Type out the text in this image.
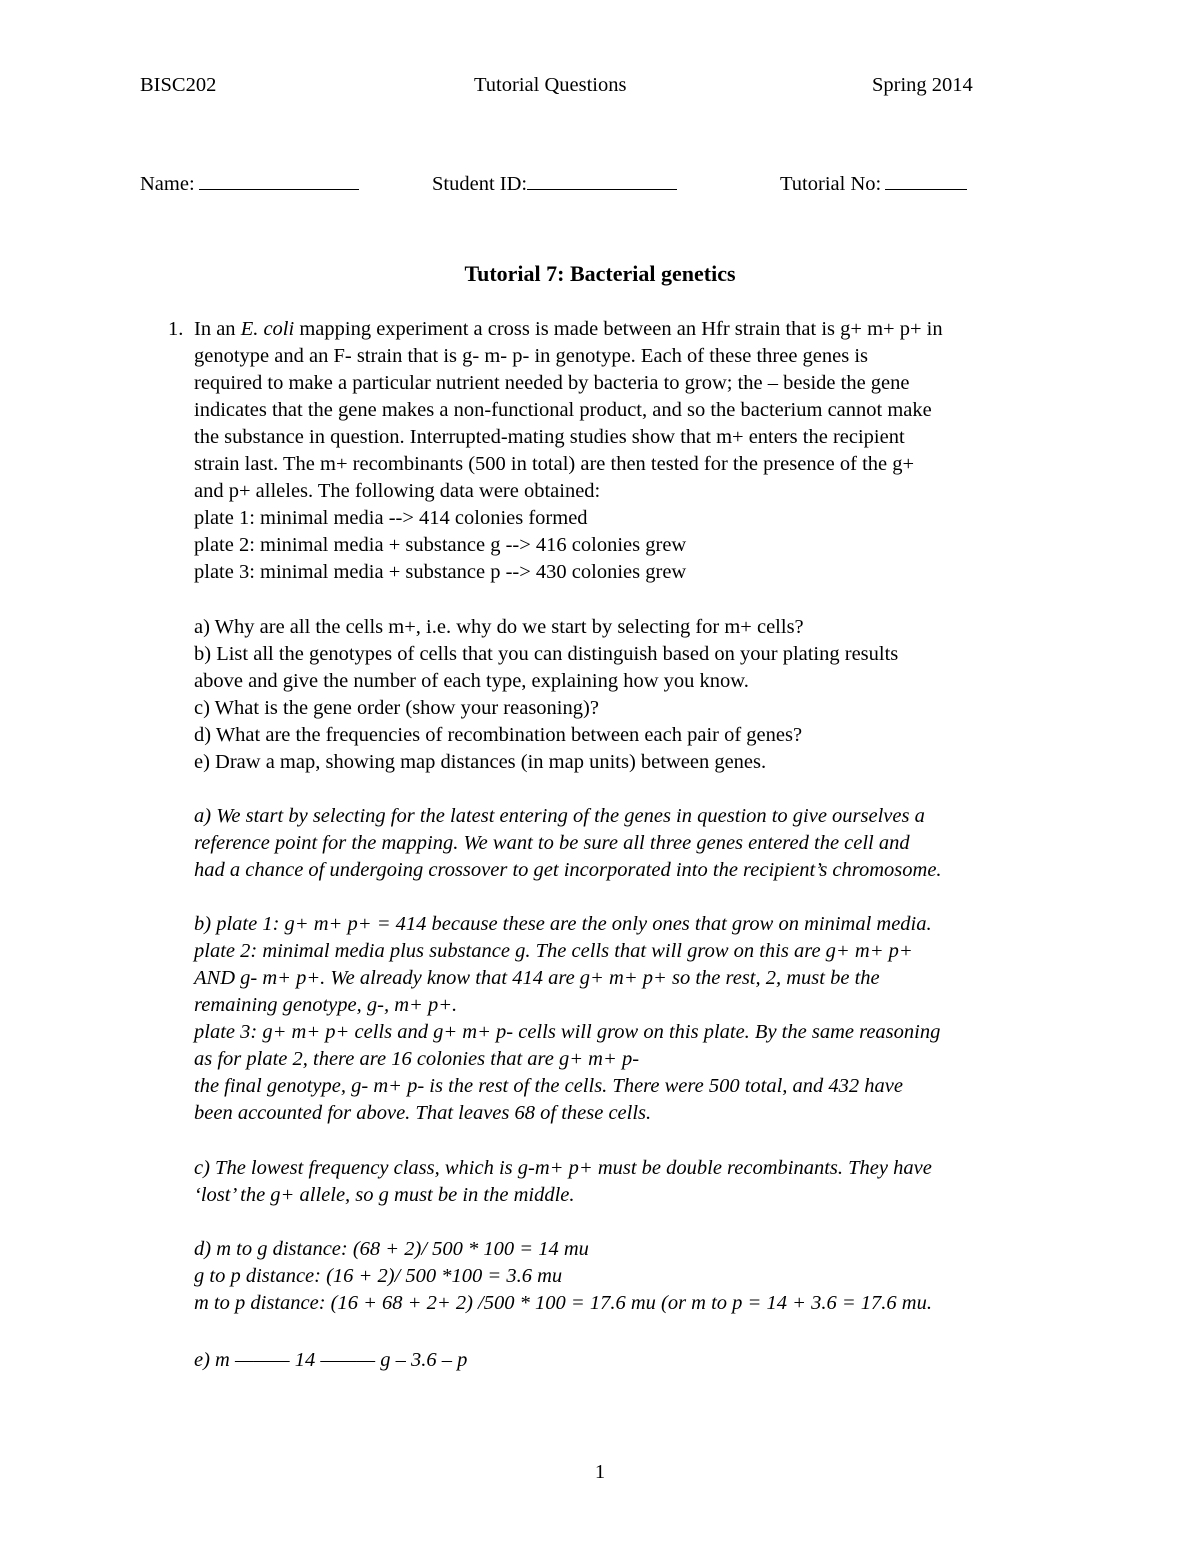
BISC202	Tutorial Questions	Spring 2014
Name:	Student ID:	Tutorial No:
Tutorial 7: Bacterial genetics
1. In an E. coli mapping experiment a cross is made between an Hfr strain that is g+ m+ p+ in
genotype and an F- strain that is g- m- p- in genotype. Each of these three genes is
required to make a particular nutrient needed by bacteria to grow; the – beside the gene
indicates that the gene makes a non-functional product, and so the bacterium cannot make
the substance in question. Interrupted-mating studies show that m+ enters the recipient
strain last. The m+ recombinants (500 in total) are then tested for the presence of the g+
and p+ alleles. The following data were obtained:
plate 1: minimal media --> 414 colonies formed
plate 2: minimal media + substance g --> 416 colonies grew
plate 3: minimal media + substance p --> 430 colonies grew
a) Why are all the cells m+, i.e. why do we start by selecting for m+ cells?
b) List all the genotypes of cells that you can distinguish based on your plating results
above and give the number of each type, explaining how you know.
c) What is the gene order (show your reasoning)?
d) What are the frequencies of recombination between each pair of genes?
e) Draw a map, showing map distances (in map units) between genes.
a) We start by selecting for the latest entering of the genes in question to give ourselves a
reference point for the mapping. We want to be sure all three genes entered the cell and
had a chance of undergoing crossover to get incorporated into the recipient’s chromosome.
b) plate 1: g+ m+ p+ = 414 because these are the only ones that grow on minimal media.
plate 2: minimal media plus substance g. The cells that will grow on this are g+ m+ p+
AND g- m+ p+. We already know that 414 are g+ m+ p+ so the rest, 2, must be the
remaining genotype, g-, m+ p+.
plate 3: g+ m+ p+ cells and g+ m+ p- cells will grow on this plate. By the same reasoning
as for plate 2, there are 16 colonies that are g+ m+ p-
the final genotype, g- m+ p- is the rest of the cells. There were 500 total, and 432 have
been accounted for above. That leaves 68 of these cells.
c) The lowest frequency class, which is g-m+ p+ must be double recombinants. They have
‘lost’ the g+ allele, so g must be in the middle.
d) m to g distance: (68 + 2)/ 500 * 100 = 14 mu
g to p distance: (16 + 2)/ 500 *100 = 3.6 mu
m to p distance: (16 + 68 + 2+ 2) /500 * 100 = 17.6 mu (or m to p = 14 + 3.6 = 17.6 mu.
e) m ——— 14 ——— g – 3.6 – p
1
